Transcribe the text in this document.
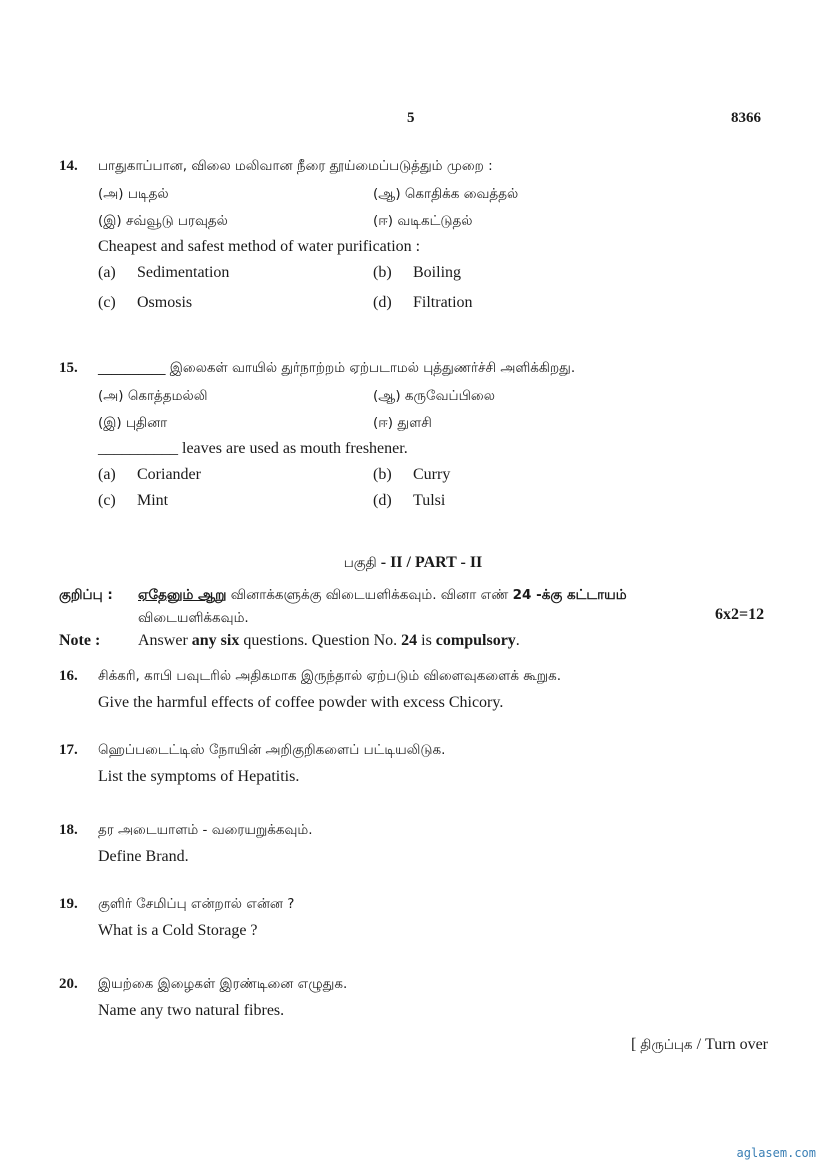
5	8366
14. பாதுகாப்பான, விலை மலிவான நீரை தூய்மைப்படுத்தும் முறை :
(அ) படிதல்	(ஆ) கொதிக்க வைத்தல்
(இ) சவ்வூடு பரவுதல்	(ஈ) வடிகட்டுதல்
Cheapest and safest method of water purification :
(a) Sedimentation	(b) Boiling
(c) Osmosis	(d) Filtration
15. __________ இலைகள் வாயில் துர்நாற்றம் ஏற்படாமல் புத்துணர்ச்சி அளிக்கிறது.
(அ) கொத்தமல்லி	(ஆ) கருவேப்பிலை
(இ) புதினா	(ஈ) துளசி
__________ leaves are used as mouth freshener.
(a) Coriander	(b) Curry
(c) Mint	(d) Tulsi
பகுதி - II / PART - II
குறிப்பு : ஏதேனும் ஆறு வினாக்களுக்கு விடையளிக்கவும். வினா எண் 24 -க்கு கட்டாயம்
விடையளிக்கவும்.	6x2=12
Note : Answer any six questions. Question No. 24 is compulsory.
16. சிக்கரி, காபி பவுடரில் அதிகமாக இருந்தால் ஏற்படும் விளைவுகளைக் கூறுக.
Give the harmful effects of coffee powder with excess Chicory.
17. ஹெப்படைட்டிஸ் நோயின் அறிகுறிகளைப் பட்டியலிடுக.
List the symptoms of Hepatitis.
18. தர அடையாளம் - வரையறுக்கவும்.
Define Brand.
19. குளிர் சேமிப்பு என்றால் என்ன ?
What is a Cold Storage ?
20. இயற்கை இழைகள் இரண்டினை எழுதுக.
Name any two natural fibres.
[ திருப்புக / Turn over
aglasem.com
